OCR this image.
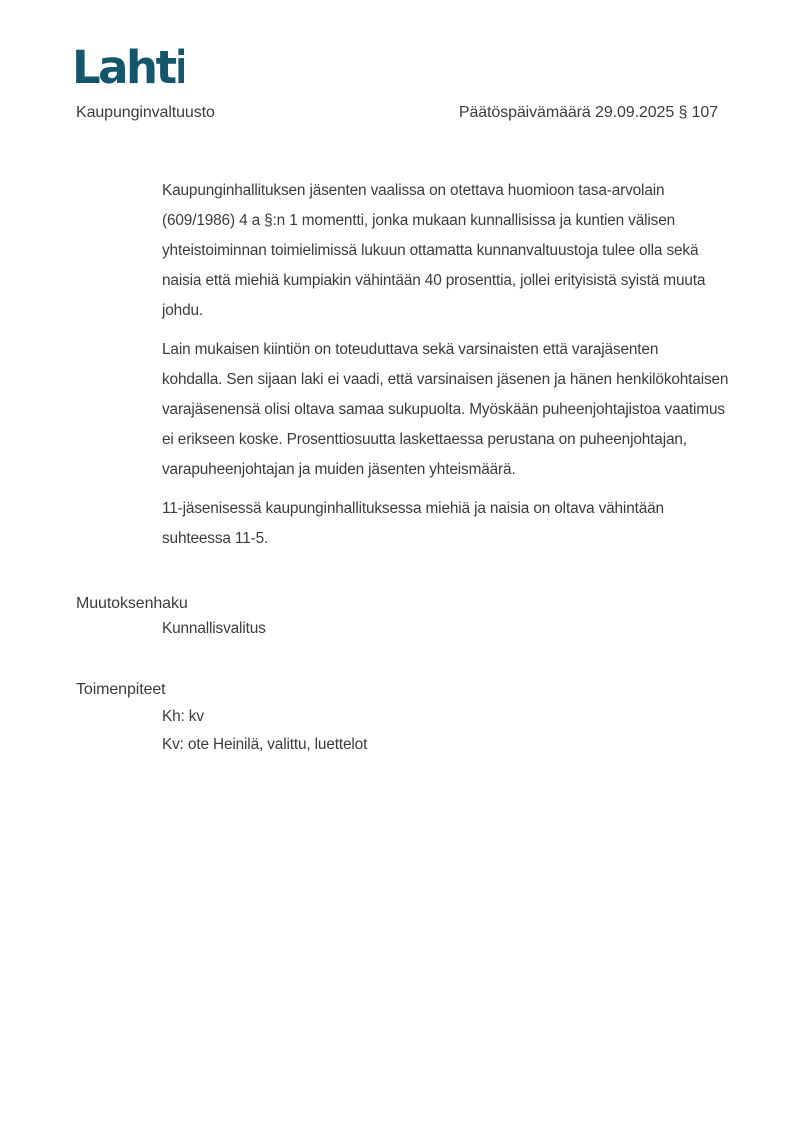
Lahti
Kaupunginvaltuusto	Päätöspäivämäärä 29.09.2025 § 107
Kaupunginhallituksen jäsenten vaalissa on otettava huomioon tasa-arvolain
(609/1986) 4 a §:n 1 momentti, jonka mukaan kunnallisissa ja kuntien välisen
yhteistoiminnan toimielimissä lukuun ottamatta kunnanvaltuustoja tulee olla sekä
naisia että miehiä kumpiakin vähintään 40 prosenttia, jollei erityisistä syistä muuta
johdu.
Lain mukaisen kiintiön on toteuduttava sekä varsinaisten että varajäsenten
kohdalla. Sen sijaan laki ei vaadi, että varsinaisen jäsenen ja hänen henkilökohtaisen
varajäsenensä olisi oltava samaa sukupuolta. Myöskään puheenjohtajistoa vaatimus
ei erikseen koske. Prosenttiosuutta laskettaessa perustana on puheenjohtajan,
varapuheenjohtajan ja muiden jäsenten yhteismäärä.
11-jäsenisessä kaupunginhallituksessa miehiä ja naisia on oltava vähintään
suhteessa 11-5.
Muutoksenhaku
Kunnallisvalitus
Toimenpiteet
Kh: kv
Kv: ote Heinilä, valittu, luettelot
